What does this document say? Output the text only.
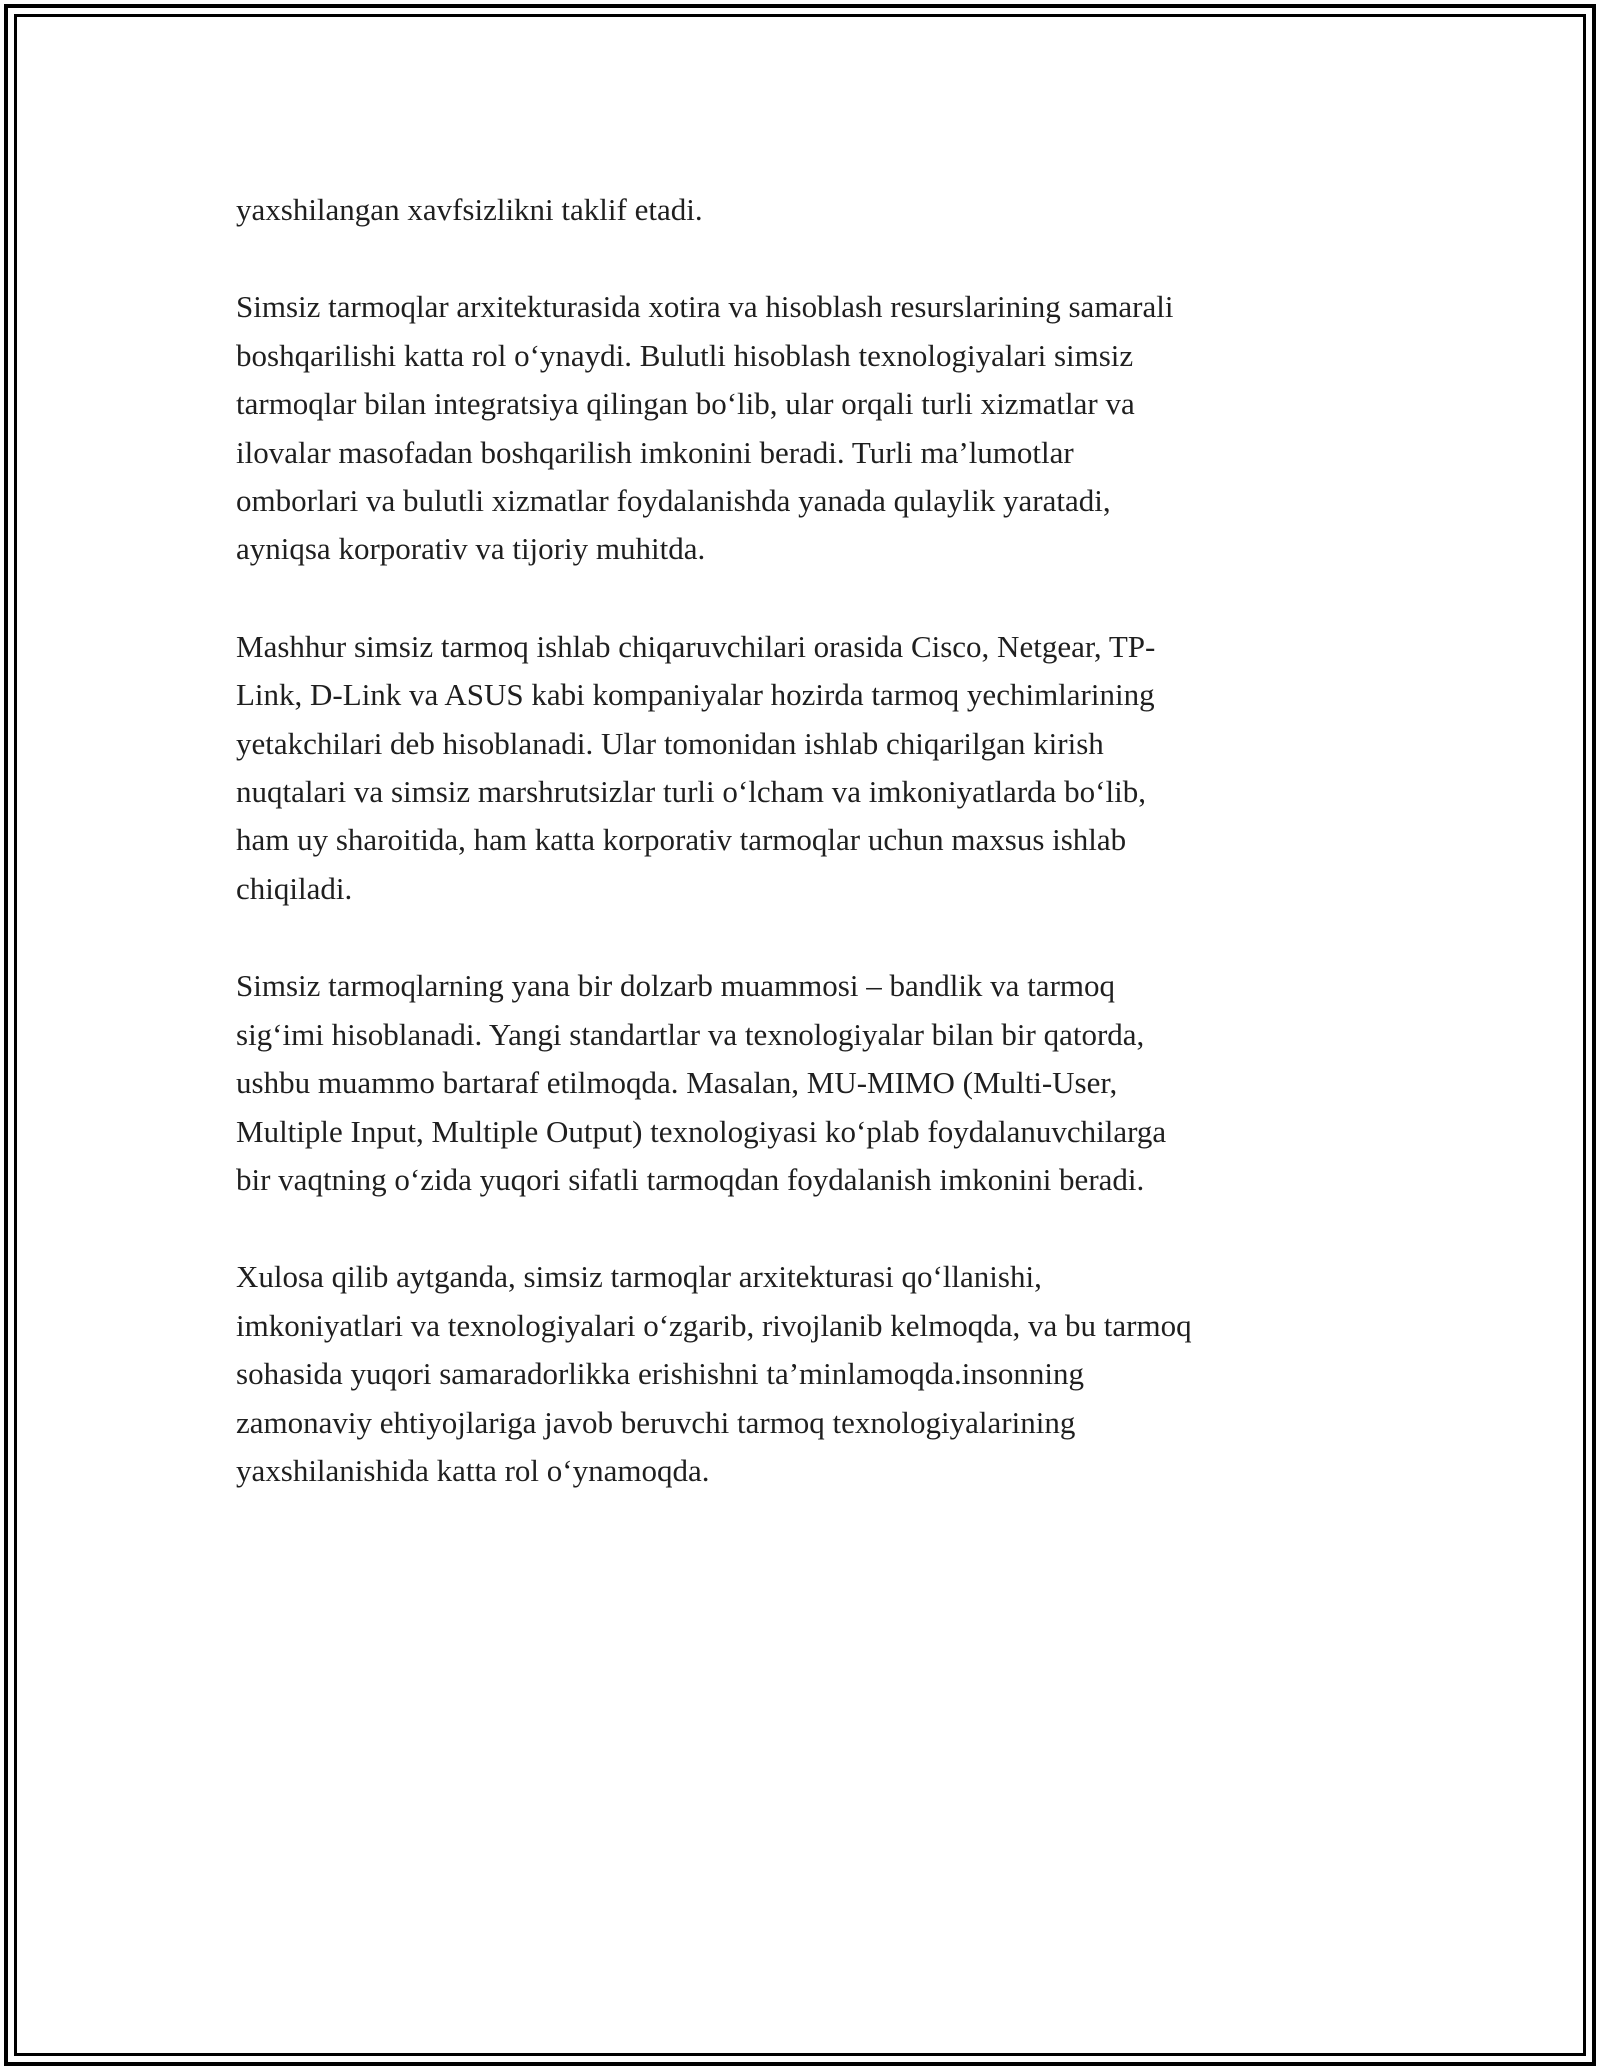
yaxshilangan xavfsizlikni taklif etadi.

Simsiz tarmoqlar arxitekturasida xotira va hisoblash resurslarining samarali
boshqarilishi katta rol o‘ynaydi. Bulutli hisoblash texnologiyalari simsiz
tarmoqlar bilan integratsiya qilingan bo‘lib, ular orqali turli xizmatlar va
ilovalar masofadan boshqarilish imkonini beradi. Turli ma’lumotlar
omborlari va bulutli xizmatlar foydalanishda yanada qulaylik yaratadi,
ayniqsa korporativ va tijoriy muhitda.

Mashhur simsiz tarmoq ishlab chiqaruvchilari orasida Cisco, Netgear, TP-
Link, D-Link va ASUS kabi kompaniyalar hozirda tarmoq yechimlarining
yetakchilari deb hisoblanadi. Ular tomonidan ishlab chiqarilgan kirish
nuqtalari va simsiz marshrutsizlar turli o‘lcham va imkoniyatlarda bo‘lib,
ham uy sharoitida, ham katta korporativ tarmoqlar uchun maxsus ishlab
chiqiladi.

Simsiz tarmoqlarning yana bir dolzarb muammosi – bandlik va tarmoq
sig‘imi hisoblanadi. Yangi standartlar va texnologiyalar bilan bir qatorda,
ushbu muammo bartaraf etilmoqda. Masalan, MU-MIMO (Multi-User,
Multiple Input, Multiple Output) texnologiyasi ko‘plab foydalanuvchilarga
bir vaqtning o‘zida yuqori sifatli tarmoqdan foydalanish imkonini beradi.

Xulosa qilib aytganda, simsiz tarmoqlar arxitekturasi qo‘llanishi,
imkoniyatlari va texnologiyalari o‘zgarib, rivojlanib kelmoqda, va bu tarmoq
sohasida yuqori samaradorlikka erishishni ta’minlamoqda.insonning
zamonaviy ehtiyojlariga javob beruvchi tarmoq texnologiyalarining
yaxshilanishida katta rol o‘ynamoqda.
